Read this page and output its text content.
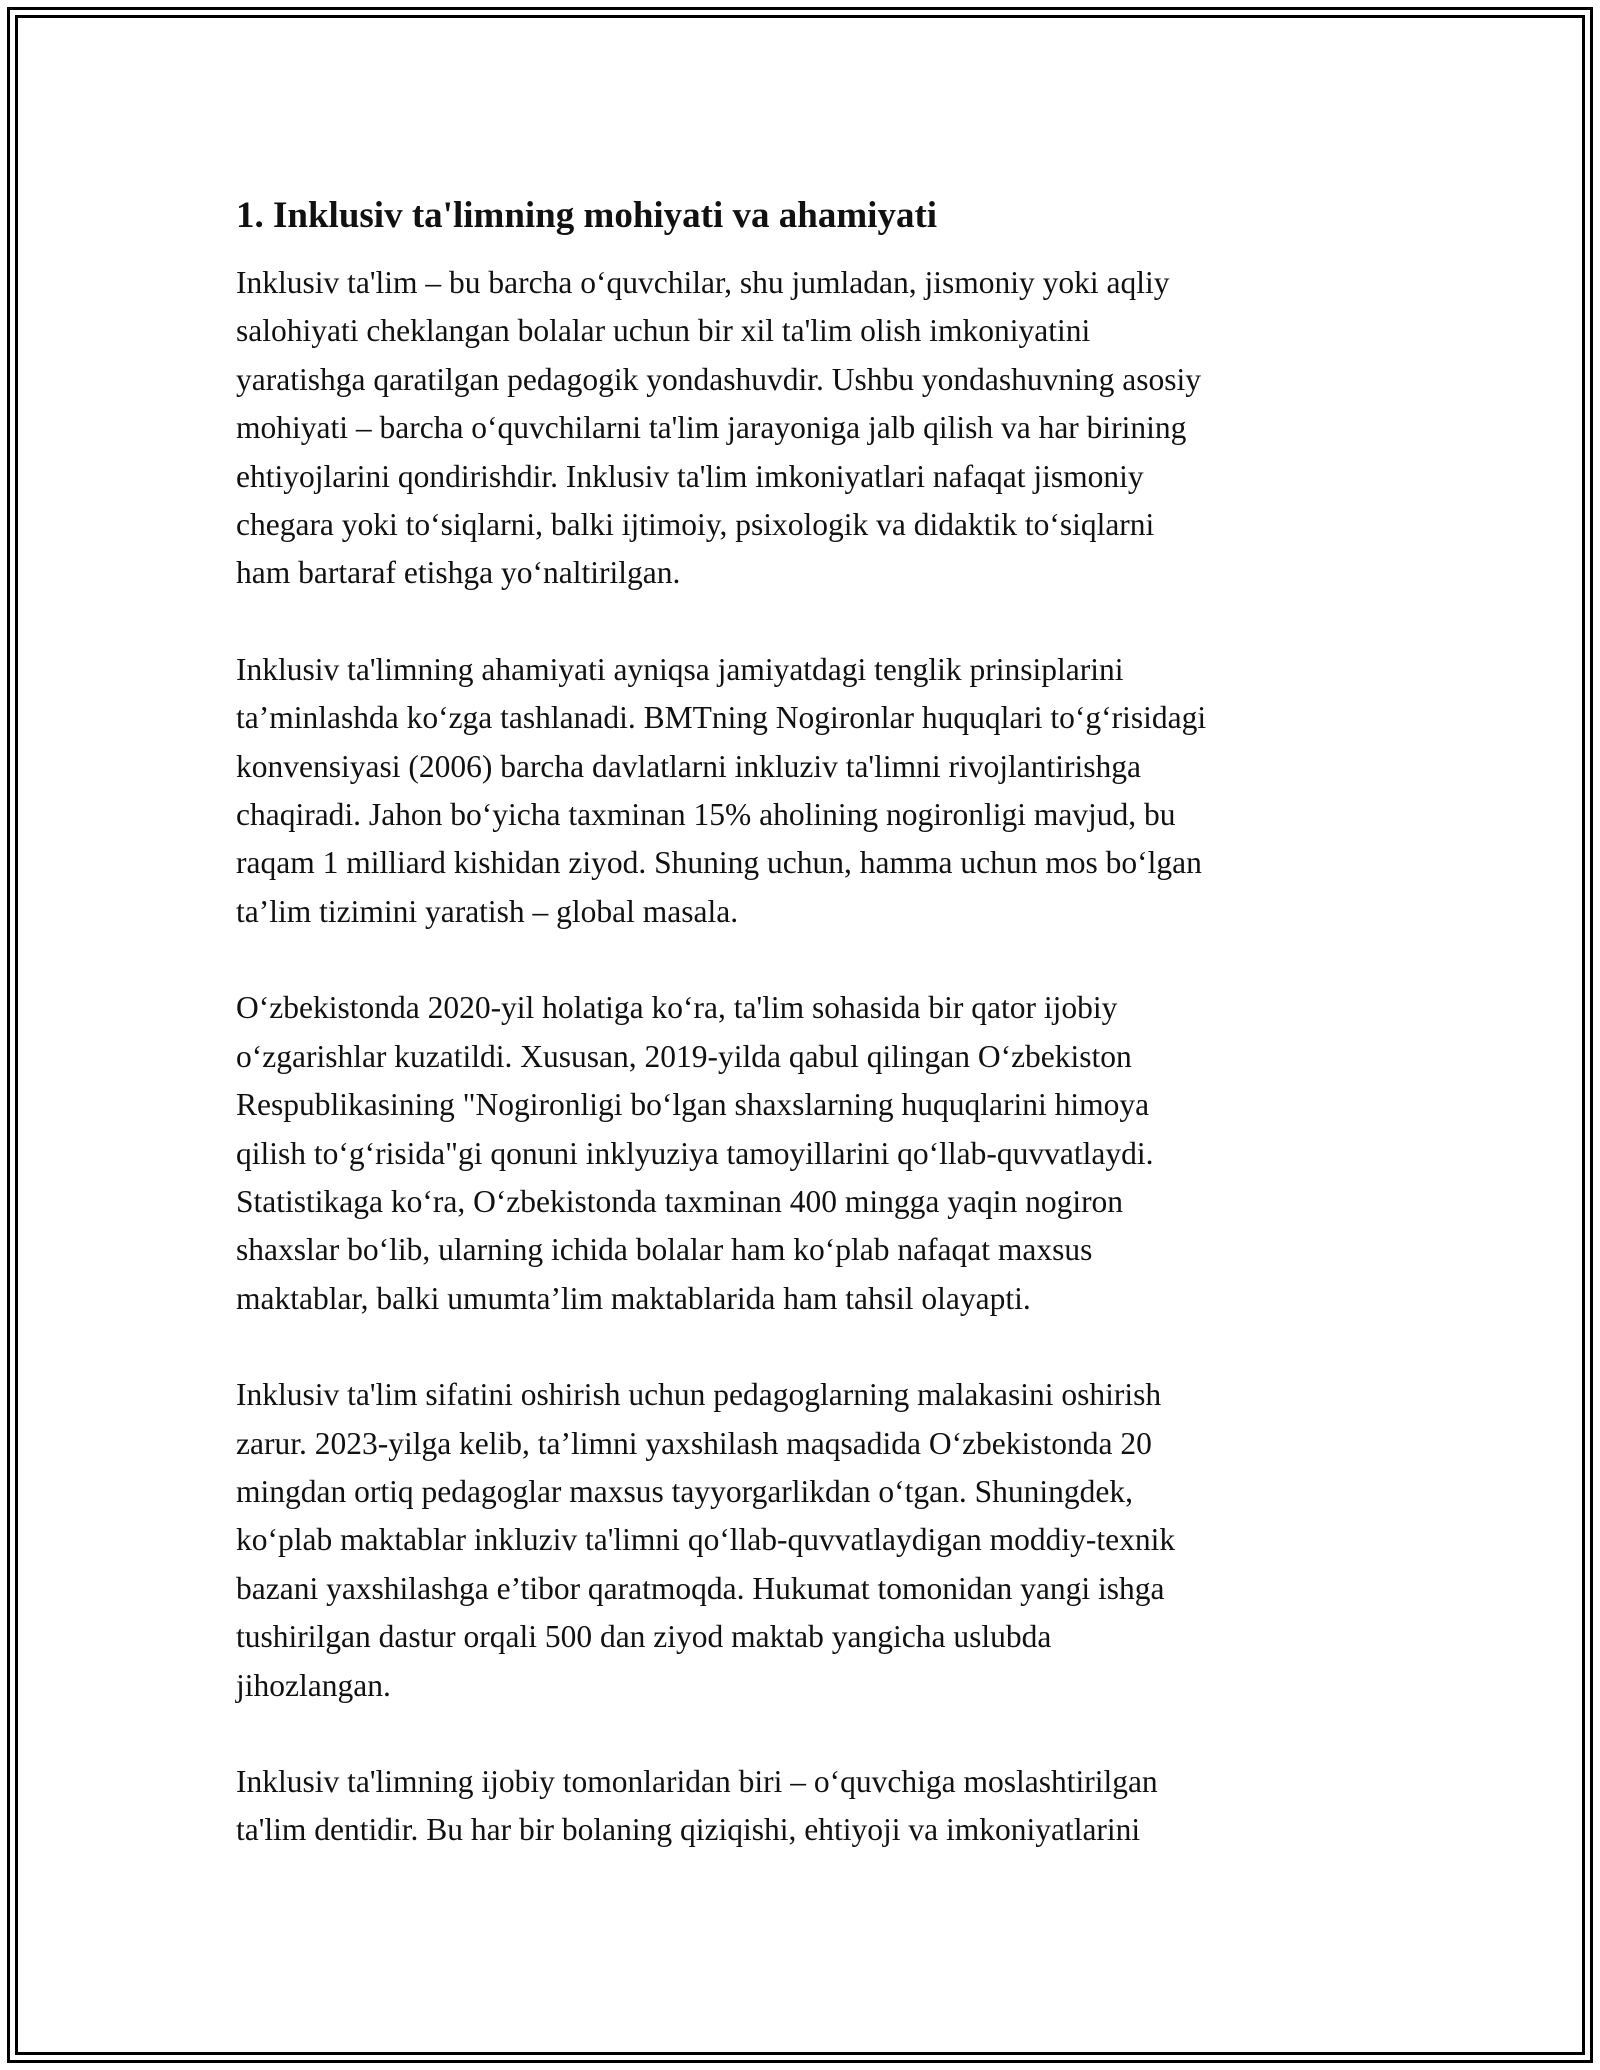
1. Inklusiv ta'limning mohiyati va ahamiyati

Inklusiv ta'lim – bu barcha o‘quvchilar, shu jumladan, jismoniy yoki aqliy
salohiyati cheklangan bolalar uchun bir xil ta'lim olish imkoniyatini
yaratishga qaratilgan pedagogik yondashuvdir. Ushbu yondashuvning asosiy
mohiyati – barcha o‘quvchilarni ta'lim jarayoniga jalb qilish va har birining
ehtiyojlarini qondirishdir. Inklusiv ta'lim imkoniyatlari nafaqat jismoniy
chegara yoki to‘siqlarni, balki ijtimoiy, psixologik va didaktik to‘siqlarni
ham bartaraf etishga yo‘naltirilgan.

Inklusiv ta'limning ahamiyati ayniqsa jamiyatdagi tenglik prinsiplarini
ta’minlashda ko‘zga tashlanadi. BMTning Nogironlar huquqlari to‘g‘risidagi
konvensiyasi (2006) barcha davlatlarni inkluziv ta'limni rivojlantirishga
chaqiradi. Jahon bo‘yicha taxminan 15% aholining nogironligi mavjud, bu
raqam 1 milliard kishidan ziyod. Shuning uchun, hamma uchun mos bo‘lgan
ta’lim tizimini yaratish – global masala.

O‘zbekistonda 2020-yil holatiga ko‘ra, ta'lim sohasida bir qator ijobiy
o‘zgarishlar kuzatildi. Xususan, 2019-yilda qabul qilingan O‘zbekiston
Respublikasining "Nogironligi bo‘lgan shaxslarning huquqlarini himoya
qilish to‘g‘risida"gi qonuni inklyuziya tamoyillarini qo‘llab-quvvatlaydi.
Statistikaga ko‘ra, O‘zbekistonda taxminan 400 mingga yaqin nogiron
shaxslar bo‘lib, ularning ichida bolalar ham ko‘plab nafaqat maxsus
maktablar, balki umumta’lim maktablarida ham tahsil olayapti.

Inklusiv ta'lim sifatini oshirish uchun pedagoglarning malakasini oshirish
zarur. 2023-yilga kelib, ta’limni yaxshilash maqsadida O‘zbekistonda 20
mingdan ortiq pedagoglar maxsus tayyorgarlikdan o‘tgan. Shuningdek,
ko‘plab maktablar inkluziv ta'limni qo‘llab-quvvatlaydigan moddiy-texnik
bazani yaxshilashga e’tibor qaratmoqda. Hukumat tomonidan yangi ishga
tushirilgan dastur orqali 500 dan ziyod maktab yangicha uslubda
jihozlangan.

Inklusiv ta'limning ijobiy tomonlaridan biri – o‘quvchiga moslashtirilgan
ta'lim dentidir. Bu har bir bolaning qiziqishi, ehtiyoji va imkoniyatlarini
